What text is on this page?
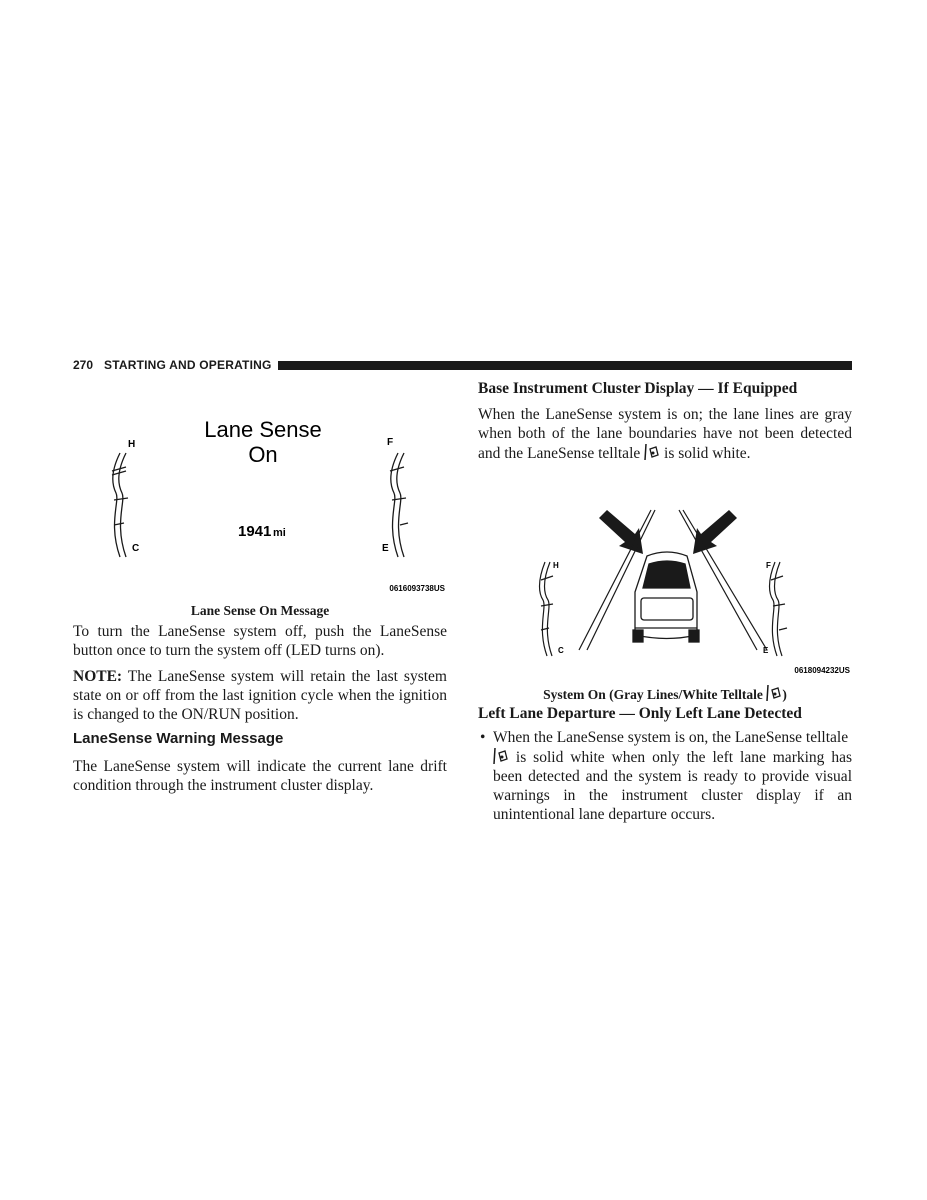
270 STARTING AND OPERATING
H
C
F
E
Lane Sense
On
1941 mi
0616093738US
Lane Sense On Message
To turn the LaneSense system off, push the LaneSense button once to turn the system off (LED turns on).
NOTE: The LaneSense system will retain the last system state on or off from the last ignition cycle when the ignition is changed to the ON/RUN position.
LaneSense Warning Message
The LaneSense system will indicate the current lane drift condition through the instrument cluster display.
Base Instrument Cluster Display — If Equipped
When the LaneSense system is on; the lane lines are gray when both of the lane boundaries have not been detected and the LaneSense telltale  is solid white.
H
C
F
E
0618094232US
System On (Gray Lines/White Telltale )
Left Lane Departure — Only Left Lane Detected
• When the LaneSense system is on, the LaneSense telltale
is solid white when only the left lane marking has been detected and the system is ready to provide visual warnings in the instrument cluster display if an unintentional lane departure occurs.
